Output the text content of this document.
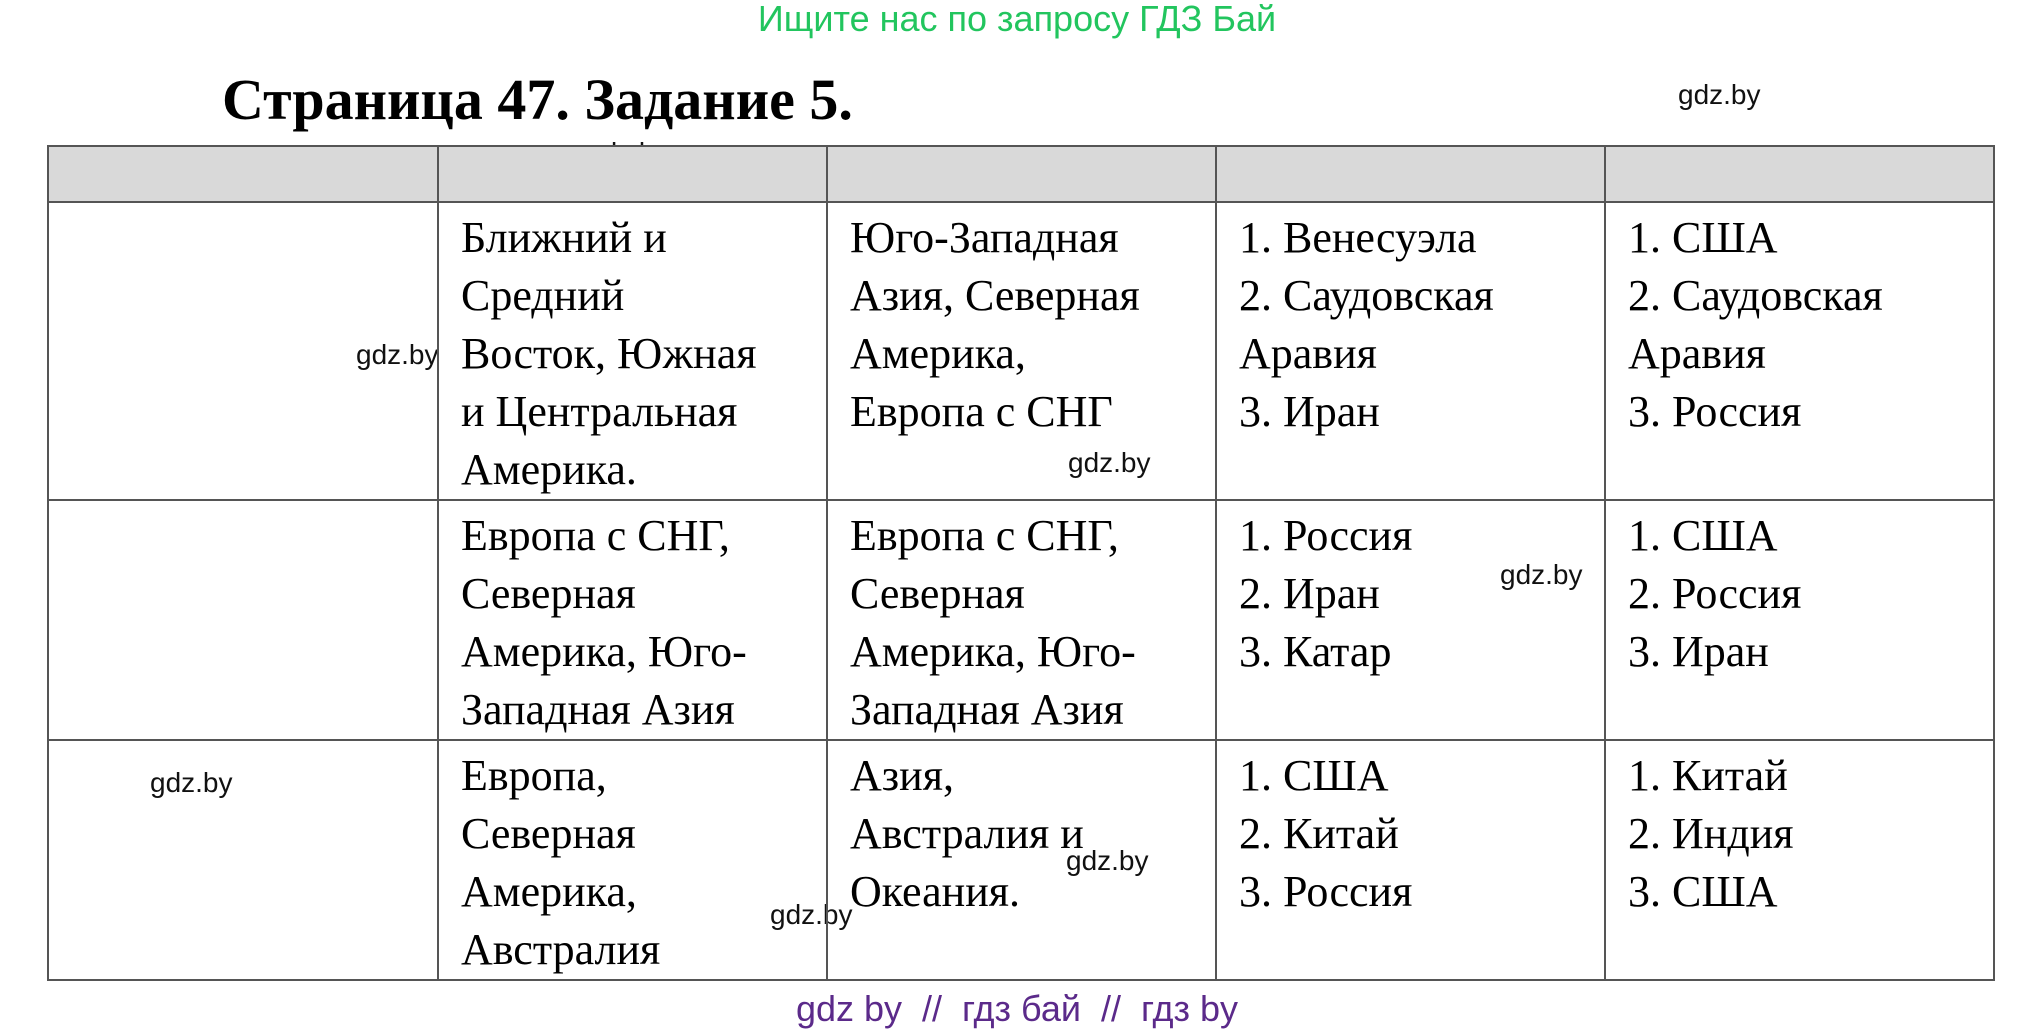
Ищите нас по запросу ГДЗ Бай
Страница 47. Задание 5.	gdz.by
gdz.by
gdz.by
gdz.by
gdz.by
gdz.by
gdz.by

	Ближний и
Средний
Восток, Южная
и Центральная
Америка.	Юго-Западная
Азия, Северная
Америка,
Европа с СНГ	1. Венесуэла
2. Саудовская
Аравия
3. Иран	1. США
2. Саудовская
Аравия
3. Россия

	Европа с СНГ,
Северная
Америка, Юго-
Западная Азия	Европа с СНГ,
Северная
Америка, Юго-
Западная Азия	1. Россия
2. Иран
3. Катар	1. США
2. Россия
3. Иран

	Европа,
Северная
Америка,
Австралия	Азия,
Австралия и
Океания.	1. США
2. Китай
3. Россия	1. Китай
2. Индия
3. США
gdz by  //  гдз бай  //  гдз by
